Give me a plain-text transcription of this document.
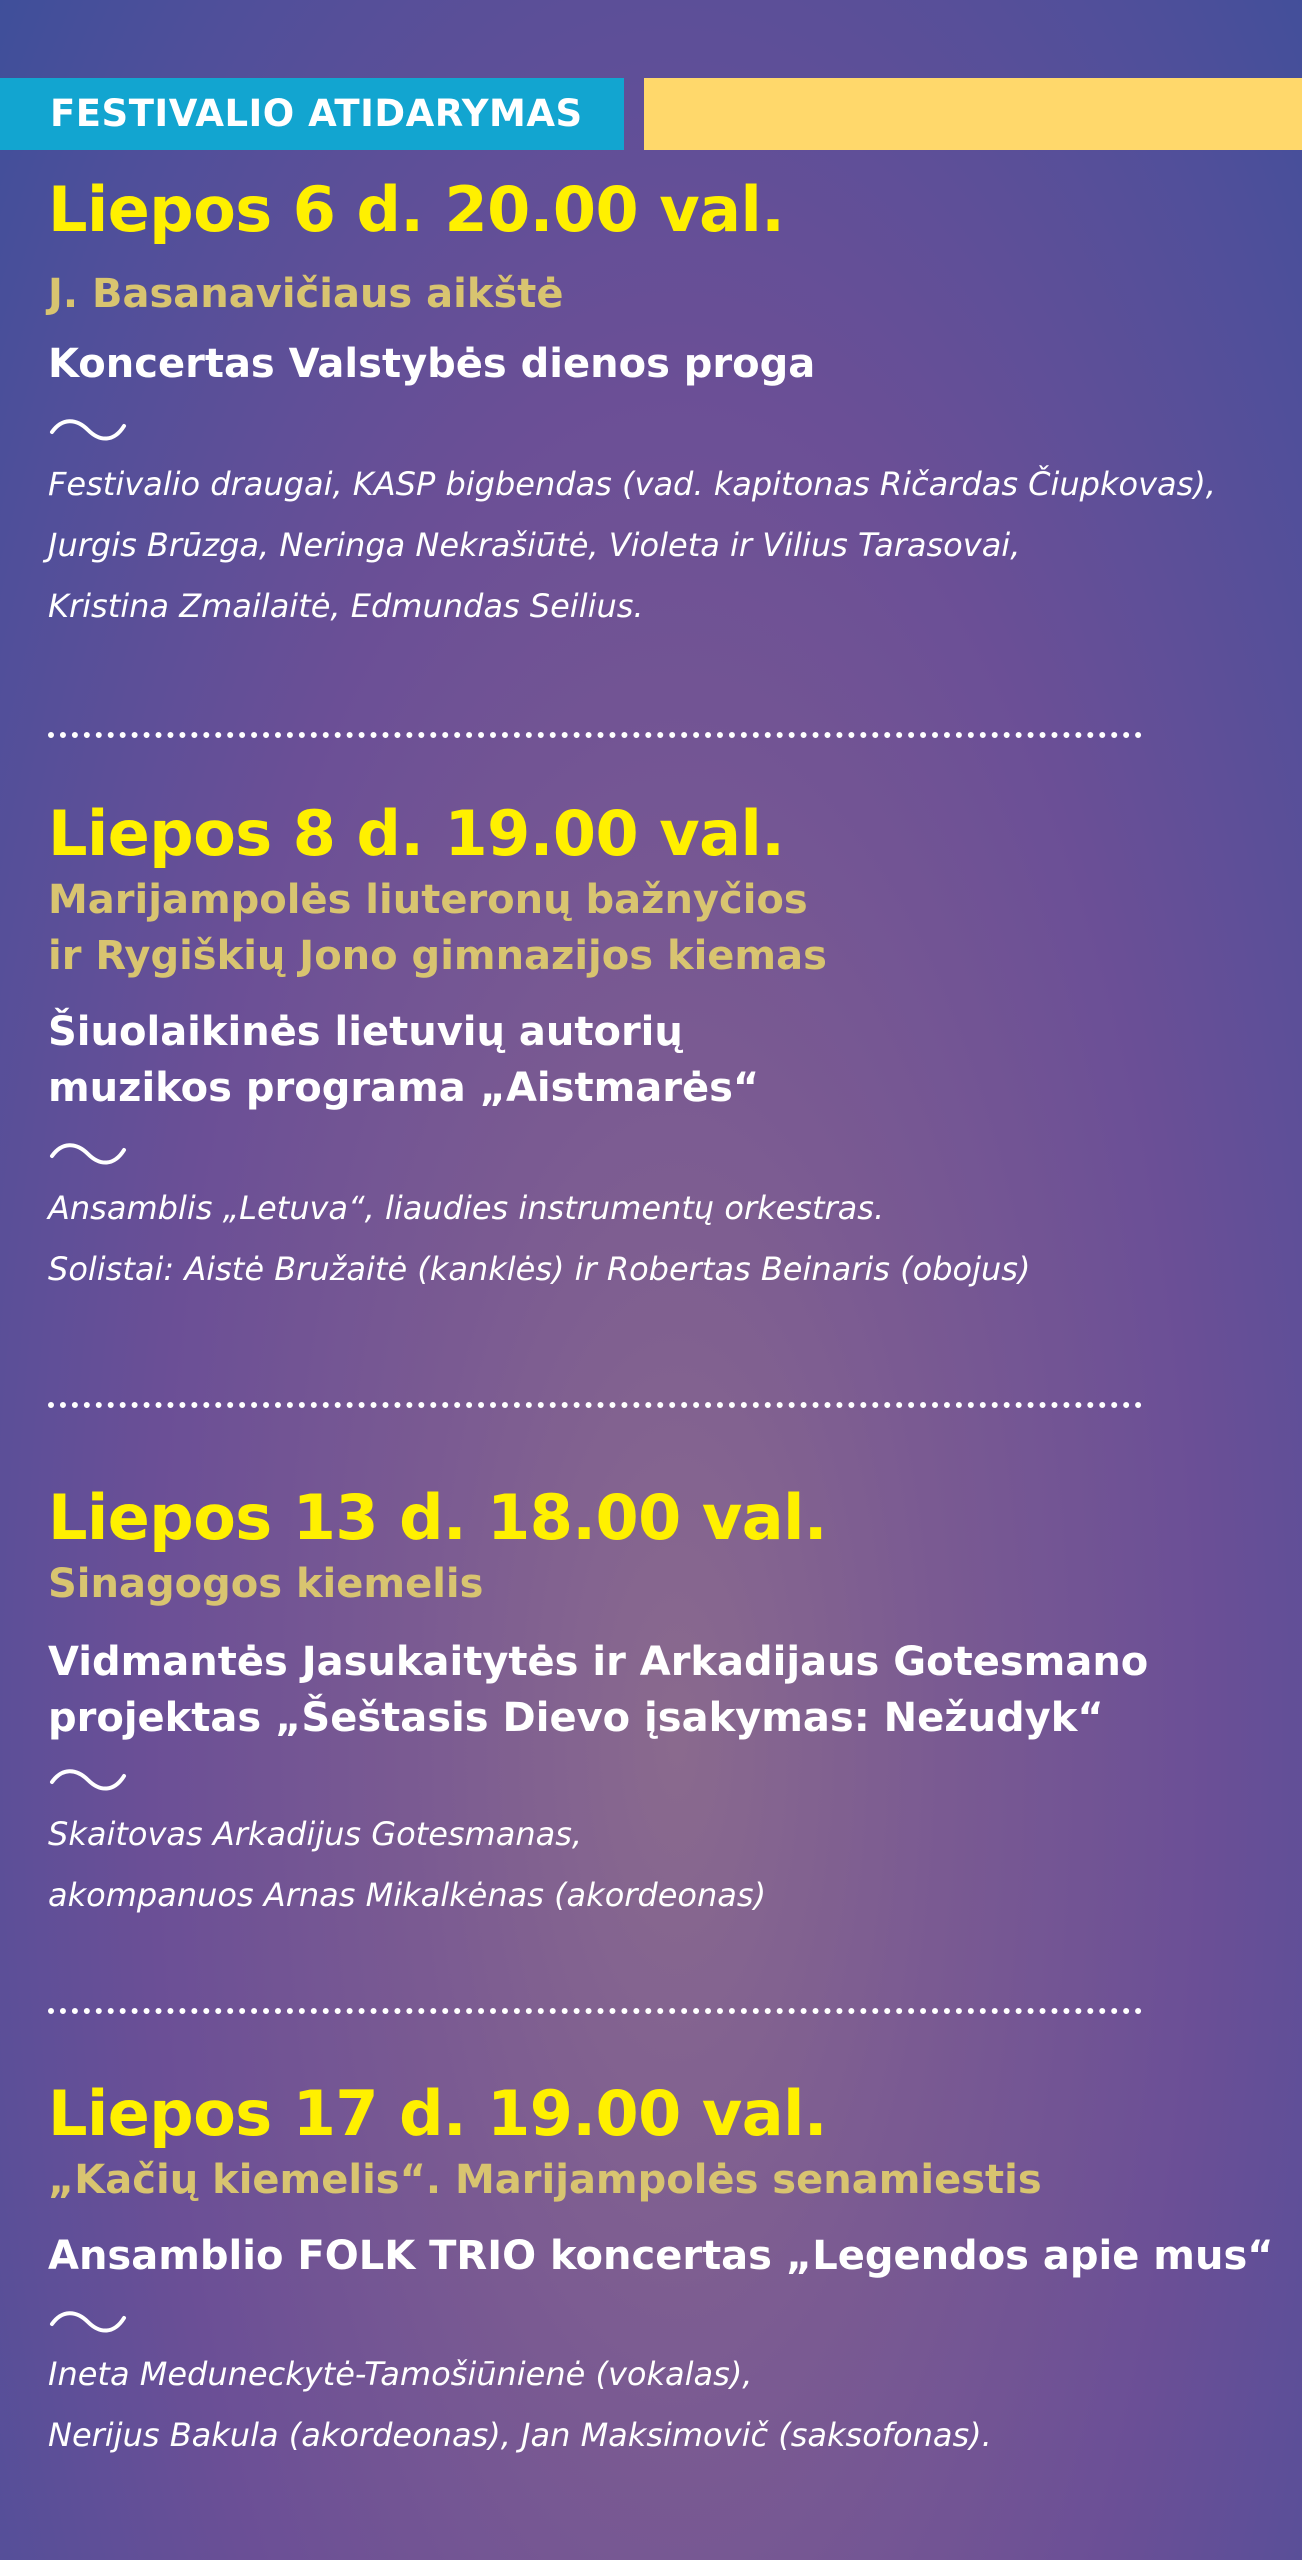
FESTIVALIO ATIDARYMAS
Liepos 6 d. 20.00 val.
J. Basanavičiaus aikštė
Koncertas Valstybės dienos proga
Festivalio draugai, KASP bigbendas (vad. kapitonas Ričardas Čiupkovas),
Jurgis Brūzga, Neringa Nekrašiūtė, Violeta ir Vilius Tarasovai,
Kristina Zmailaitė, Edmundas Seilius.
Liepos 8 d. 19.00 val.
Marijampolės liuteronų bažnyčios
ir Rygiškių Jono gimnazijos kiemas
Šiuolaikinės lietuvių autorių
muzikos programa „Aistmarės“
Ansamblis „Letuva“, liaudies instrumentų orkestras.
Solistai: Aistė Bružaitė (kanklės) ir Robertas Beinaris (obojus)
Liepos 13 d. 18.00 val.
Sinagogos kiemelis
Vidmantės Jasukaitytės ir Arkadijaus Gotesmano
projektas „Šeštasis Dievo įsakymas: Nežudyk“
Skaitovas Arkadijus Gotesmanas,
akompanuos Arnas Mikalkėnas (akordeonas)
Liepos 17 d. 19.00 val.
„Kačių kiemelis“. Marijampolės senamiestis
Ansamblio FOLK TRIO koncertas „Legendos apie mus“
Ineta Meduneckytė-Tamošiūnienė (vokalas),
Nerijus Bakula (akordeonas), Jan Maksimovič (saksofonas).
